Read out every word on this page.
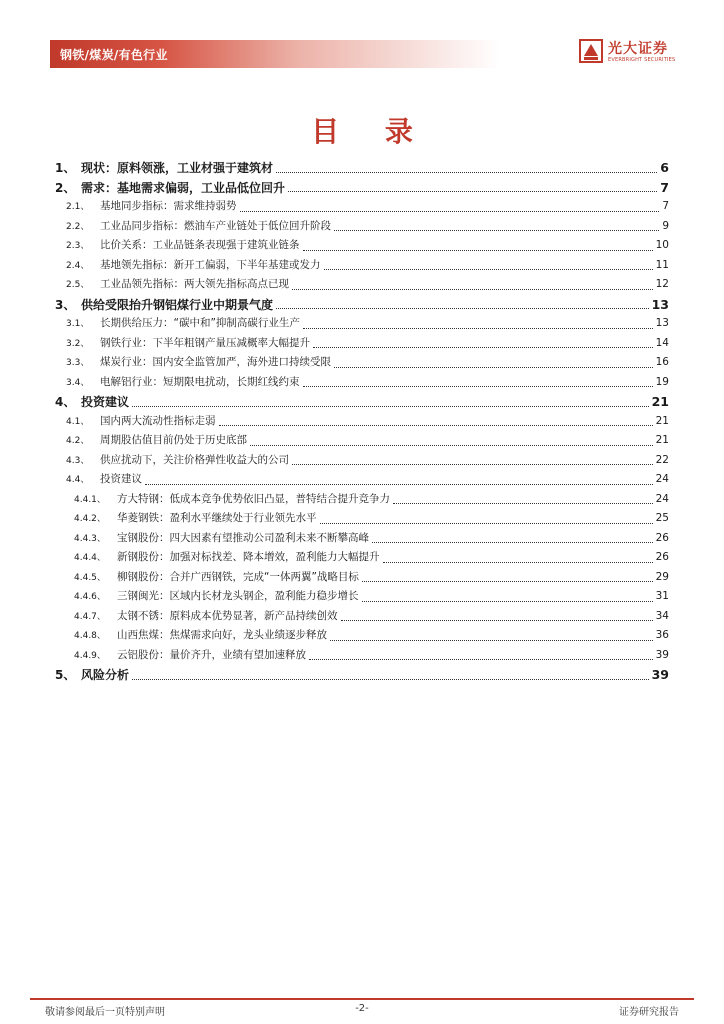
钢铁/煤炭/有色行业	光大证券
EVERBRIGHT SECURITIES
目 录
1、 现状：原料领涨，工业材强于建筑材	6
2、 需求：基地需求偏弱，工业品低位回升	7
2.1、	基地同步指标：需求维持弱势	7
2.2、	工业品同步指标：燃油车产业链处于低位回升阶段	9
2.3、	比价关系：工业品链条表现强于建筑业链条	10
2.4、	基地领先指标：新开工偏弱，下半年基建或发力	11
2.5、	工业品领先指标：两大领先指标高点已现	12
3、 供给受限抬升钢铝煤行业中期景气度	13
3.1、	长期供给压力：“碳中和”抑制高碳行业生产	13
3.2、	钢铁行业：下半年粗钢产量压减概率大幅提升	14
3.3、	煤炭行业：国内安全监管加严，海外进口持续受限	16
3.4、	电解铝行业：短期限电扰动，长期红线约束	19
4、 投资建议	21
4.1、	国内两大流动性指标走弱	21
4.2、	周期股估值目前仍处于历史底部	21
4.3、	供应扰动下，关注价格弹性收益大的公司	22
4.4、	投资建议	24
4.4.1、	方大特钢：低成本竞争优势依旧凸显，普特结合提升竞争力	24
4.4.2、	华菱钢铁：盈利水平继续处于行业领先水平	25
4.4.3、	宝钢股份：四大因素有望推动公司盈利未来不断攀高峰	26
4.4.4、	新钢股份：加强对标找差、降本增效，盈利能力大幅提升	26
4.4.5、	柳钢股份：合并广西钢铁，完成“一体两翼”战略目标	29
4.4.6、	三钢闽光：区域内长材龙头钢企，盈利能力稳步增长	31
4.4.7、	太钢不锈：原料成本优势显著，新产品持续创效	34
4.4.8、	山西焦煤：焦煤需求向好，龙头业绩逐步释放	36
4.4.9、	云铝股份：量价齐升，业绩有望加速释放	39
5、 风险分析	39
敬请参阅最后一页特别声明	-2-	证券研究报告
